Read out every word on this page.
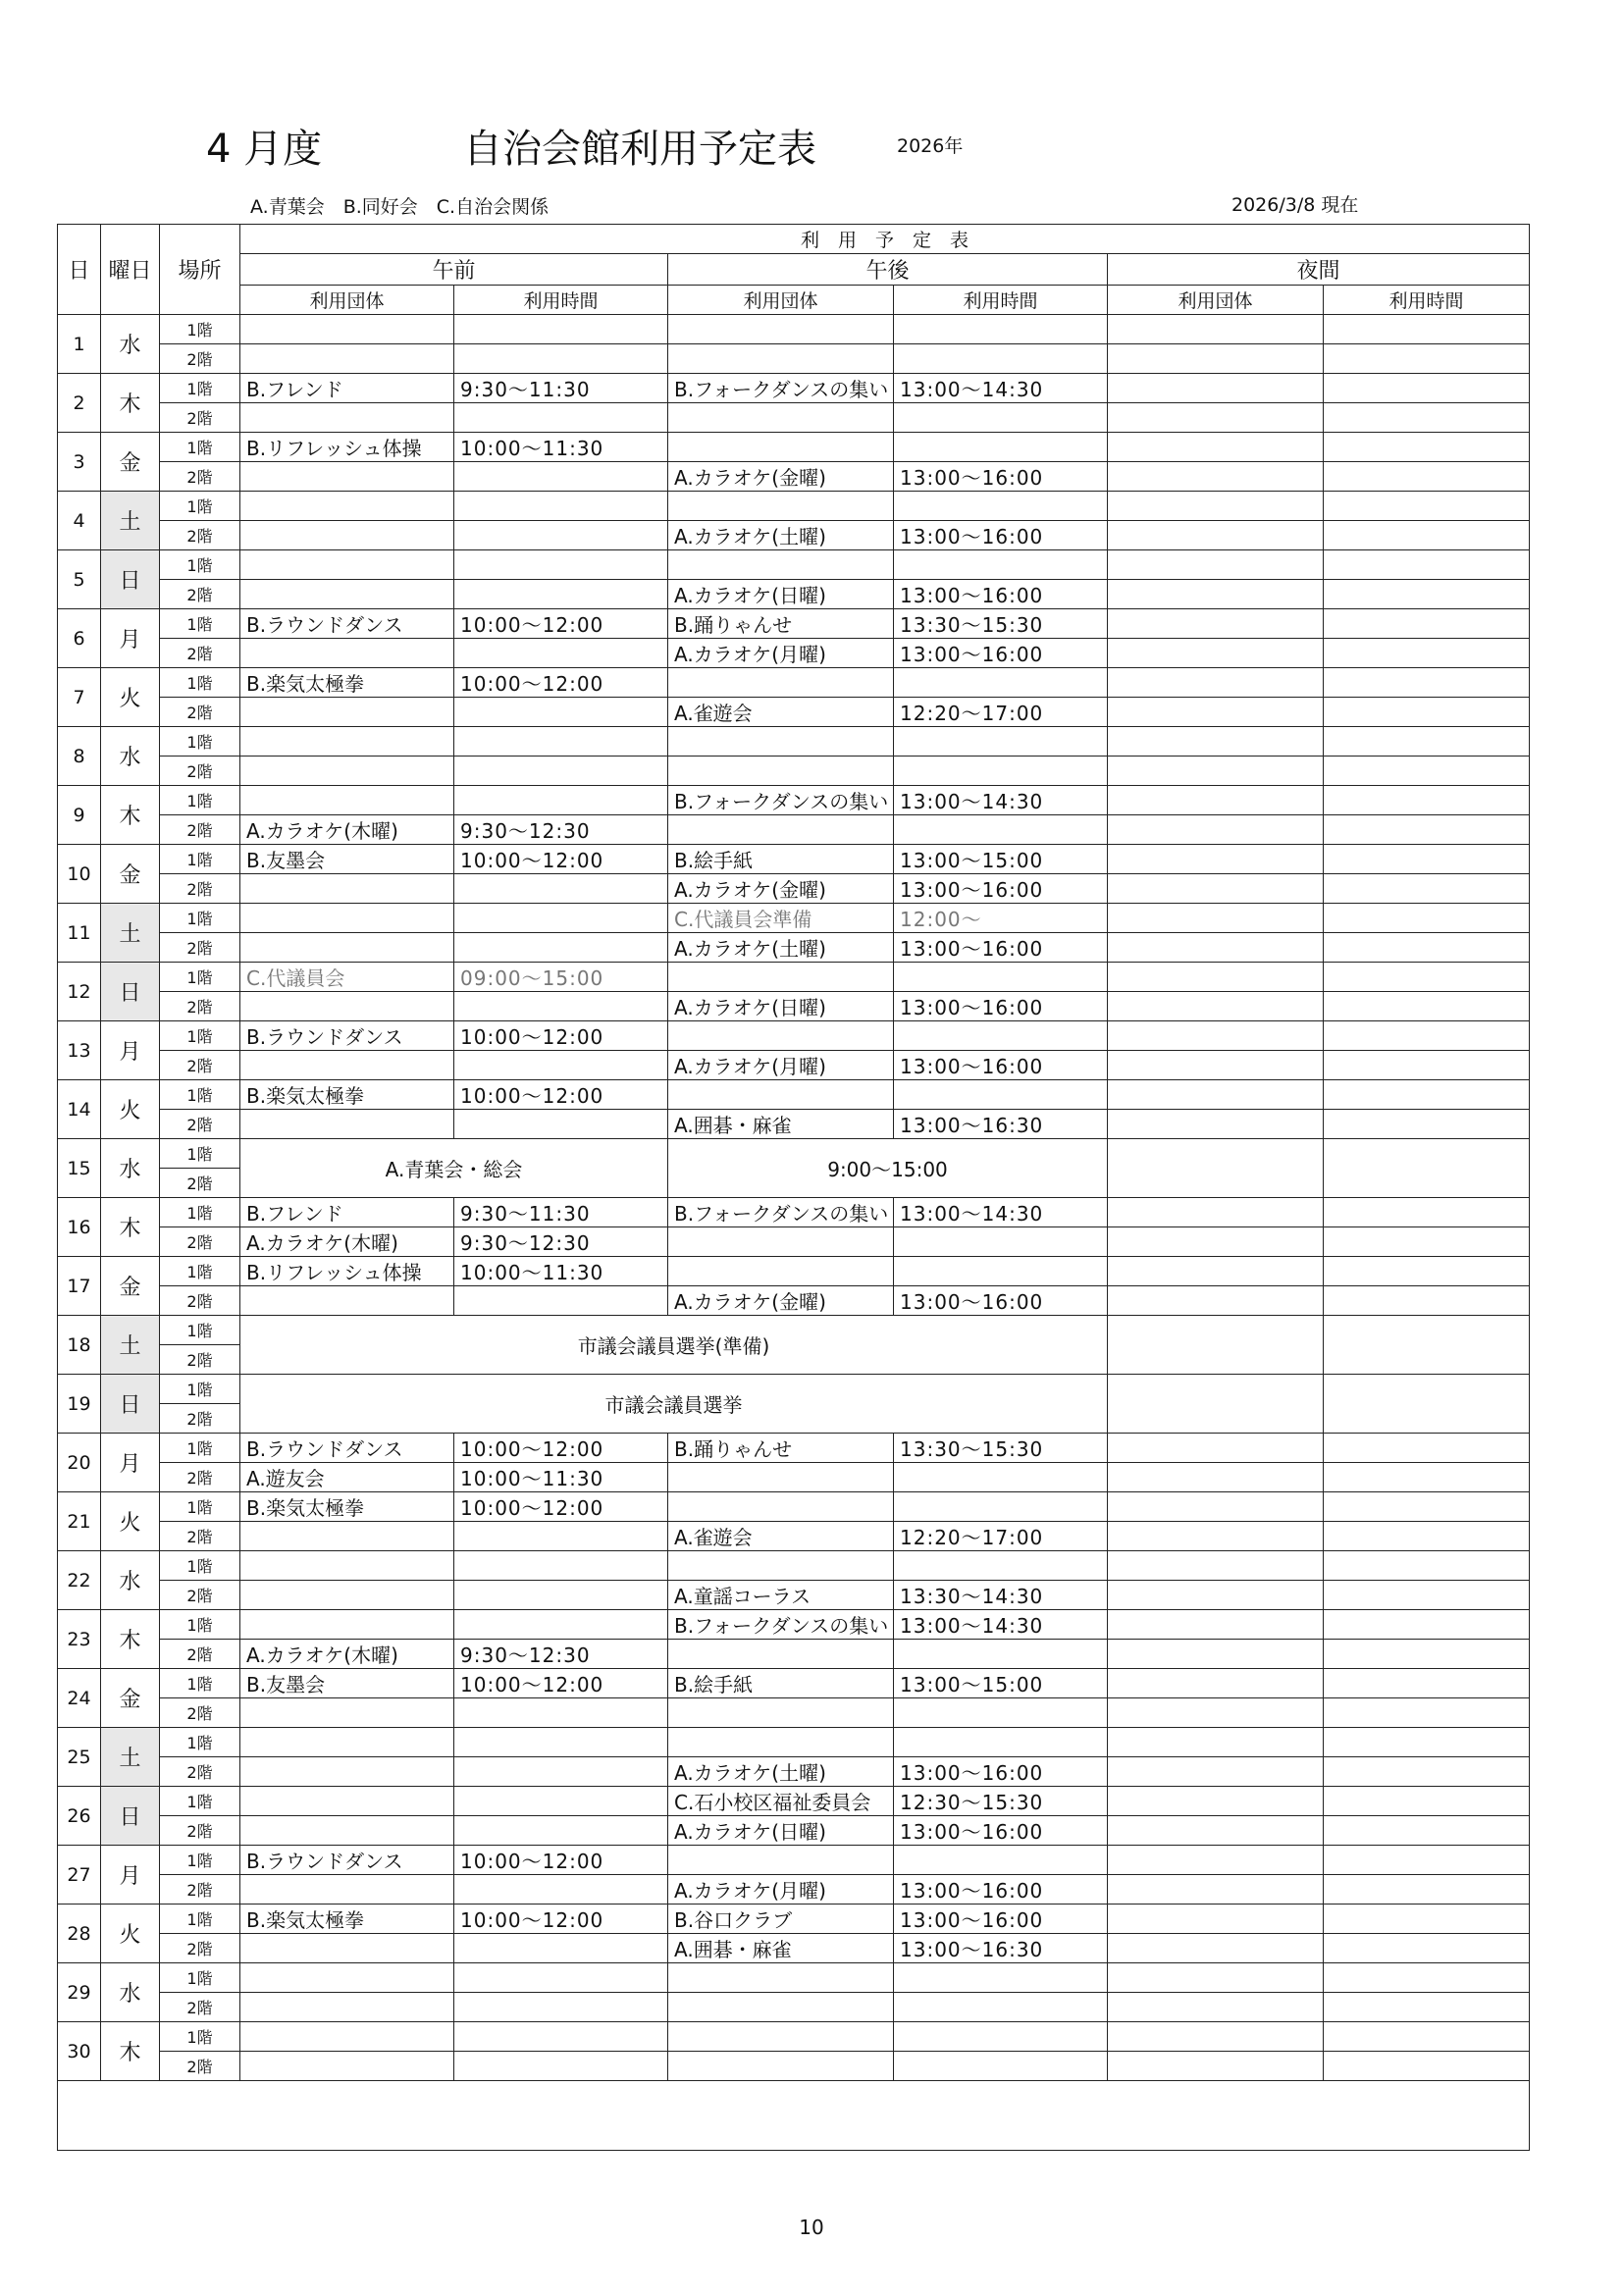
4 月度	自治会館利用予定表	2026年
A.青葉会　B.同好会　C.自治会関係	2026/3/8 現在
日	曜日	場所	利　用　予　定　表					
			午前		午後		夜間	
			利用団体	利用時間	利用団体	利用時間	利用団体	利用時間
1	水	1階						
		2階						
2	木	1階	B.フレンド	9:30～11:30	B.フォークダンスの集い	13:00～14:30		
		2階						
3	金	1階	B.リフレッシュ体操	10:00～11:30				
		2階			A.カラオケ(金曜)	13:00～16:00		
4	土	1階						
		2階			A.カラオケ(土曜)	13:00～16:00		
5	日	1階						
		2階			A.カラオケ(日曜)	13:00～16:00		
6	月	1階	B.ラウンドダンス	10:00～12:00	B.踊りゃんせ	13:30～15:30		
		2階			A.カラオケ(月曜)	13:00～16:00		
7	火	1階	B.楽気太極拳	10:00～12:00				
		2階			A.雀遊会	12:20～17:00		
8	水	1階						
		2階						
9	木	1階			B.フォークダンスの集い	13:00～14:30		
		2階	A.カラオケ(木曜)	9:30～12:30				
10	金	1階	B.友墨会	10:00～12:00	B.絵手紙	13:00～15:00		
		2階			A.カラオケ(金曜)	13:00～16:00		
11	土	1階			C.代議員会準備	12:00～		
		2階			A.カラオケ(土曜)	13:00～16:00		
12	日	1階	C.代議員会	09:00～15:00				
		2階			A.カラオケ(日曜)	13:00～16:00		
13	月	1階	B.ラウンドダンス	10:00～12:00				
		2階			A.カラオケ(月曜)	13:00～16:00		
14	火	1階	B.楽気太極拳	10:00～12:00				
		2階			A.囲碁・麻雀	13:00～16:30		
15	水	1階	A.青葉会・総会		9:00～15:00			
		2階						
16	木	1階	B.フレンド	9:30～11:30	B.フォークダンスの集い	13:00～14:30		
		2階	A.カラオケ(木曜)	9:30～12:30				
17	金	1階	B.リフレッシュ体操	10:00～11:30				
		2階			A.カラオケ(金曜)	13:00～16:00		
18	土	1階	市議会議員選挙(準備)					
		2階						
19	日	1階	市議会議員選挙					
		2階						
20	月	1階	B.ラウンドダンス	10:00～12:00	B.踊りゃんせ	13:30～15:30		
		2階	A.遊友会	10:00～11:30				
21	火	1階	B.楽気太極拳	10:00～12:00				
		2階			A.雀遊会	12:20～17:00		
22	水	1階						
		2階			A.童謡コーラス	13:30～14:30		
23	木	1階			B.フォークダンスの集い	13:00～14:30		
		2階	A.カラオケ(木曜)	9:30～12:30				
24	金	1階	B.友墨会	10:00～12:00	B.絵手紙	13:00～15:00		
		2階						
25	土	1階						
		2階			A.カラオケ(土曜)	13:00～16:00		
26	日	1階			C.石小校区福祉委員会	12:30～15:30		
		2階			A.カラオケ(日曜)	13:00～16:00		
27	月	1階	B.ラウンドダンス	10:00～12:00				
		2階			A.カラオケ(月曜)	13:00～16:00		
28	火	1階	B.楽気太極拳	10:00～12:00	B.谷口クラブ	13:00～16:00		
		2階			A.囲碁・麻雀	13:00～16:30		
29	水	1階						
		2階						
30	木	1階						
		2階						

10
